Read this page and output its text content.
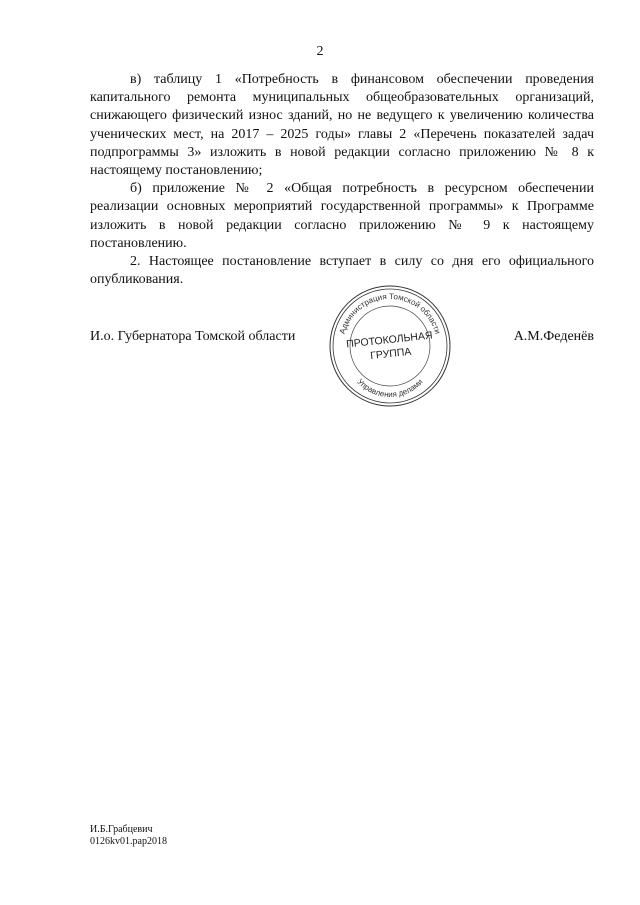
2

в) таблицу 1 «Потребность в финансовом обеспечении проведения капитального ремонта муниципальных общеобразовательных организаций, снижающего физический износ зданий, но не ведущего к увеличению количества ученических мест, на 2017 – 2025 годы» главы 2 «Перечень показателей задач подпрограммы 3» изложить в новой редакции согласно приложению № 8 к настоящему постановлению;

б) приложение № 2 «Общая потребность в ресурсном обеспечении реализации основных мероприятий государственной программы» к Программе изложить в новой редакции согласно приложению № 9 к настоящему постановлению.

2. Настоящее постановление вступает в силу со дня его официального опубликования.

Администрация Томской области
Управления делами
ПРОТОКОЛЬНАЯ
ГРУППА
И.о. Губернатора Томской области	А.М.Феденёв
И.Б.Грабцевич
0126kv01.pap2018
